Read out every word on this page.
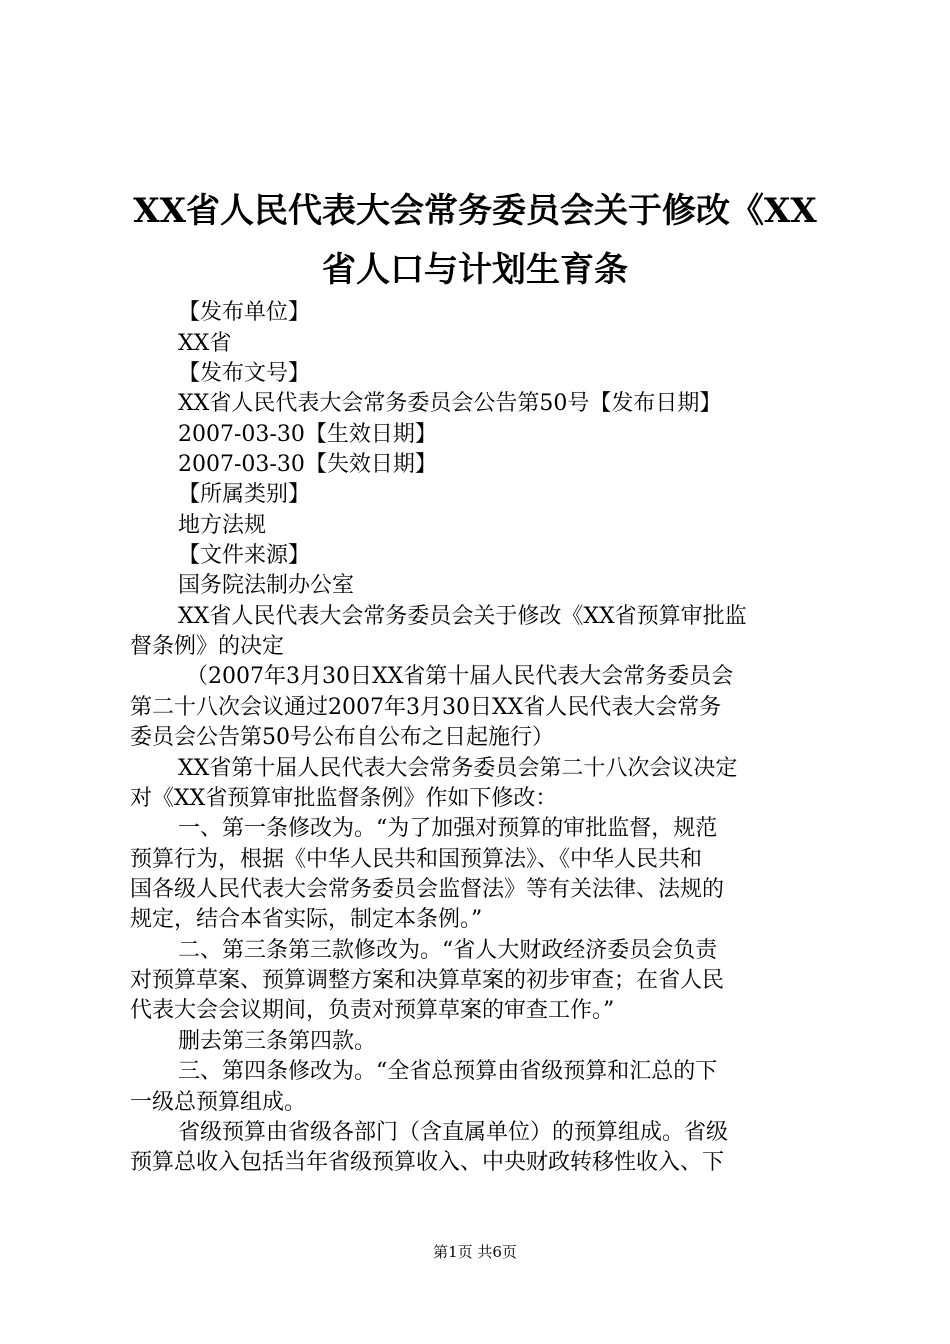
XX省人民代表大会常务委员会关于修改《XX
省人口与计划生育条
【发布单位】
XX省
【发布文号】
XX省人民代表大会常务委员会公告第50号【发布日期】
2007-03-30【生效日期】
2007-03-30【失效日期】
【所属类别】
地方法规
【文件来源】
国务院法制办公室
XX省人民代表大会常务委员会关于修改《XX省预算审批监
督条例》的决定
（2007年3月30日XX省第十届人民代表大会常务委员会
第二十八次会议通过2007年3月30日XX省人民代表大会常务
委员会公告第50号公布自公布之日起施行）
XX省第十届人民代表大会常务委员会第二十八次会议决定
对《XX省预算审批监督条例》作如下修改：
一、第一条修改为。“为了加强对预算的审批监督，规范
预算行为，根据《中华人民共和国预算法》、《中华人民共和
国各级人民代表大会常务委员会监督法》等有关法律、法规的
规定，结合本省实际，制定本条例。”
二、第三条第三款修改为。“省人大财政经济委员会负责
对预算草案、预算调整方案和决算草案的初步审查；在省人民
代表大会会议期间，负责对预算草案的审查工作。”
删去第三条第四款。
三、第四条修改为。“全省总预算由省级预算和汇总的下
一级总预算组成。
省级预算由省级各部门（含直属单位）的预算组成。省级
预算总收入包括当年省级预算收入、中央财政转移性收入、下
第1页 共6页
